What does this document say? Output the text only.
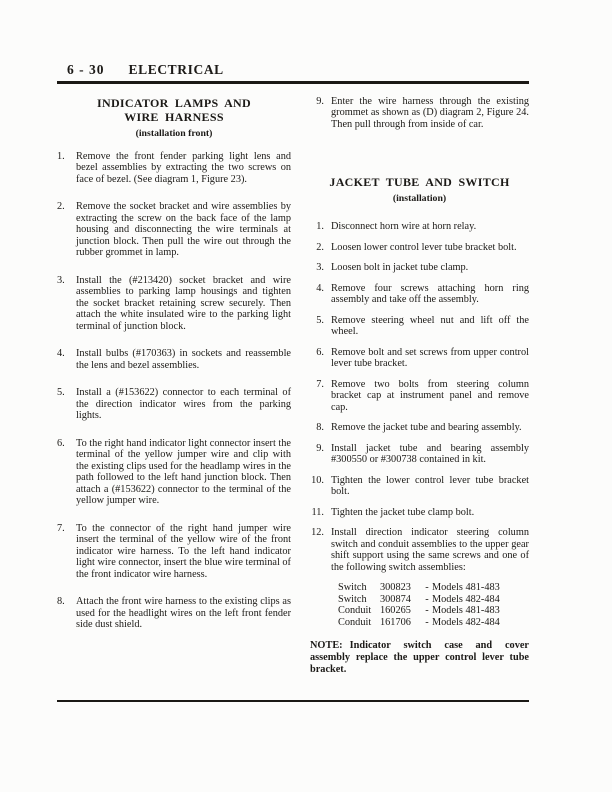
6 - 30 ELECTRICAL
INDICATOR LAMPS AND
WIRE HARNESS
(installation front)
1.	Remove the front fender parking light lens and bezel assemblies by extracting the two screws on face of bezel. (See diagram 1, Figure 23).

2.	Remove the socket bracket and wire assemblies by extracting the screw on the back face of the lamp housing and disconnecting the wire terminals at junction block. Then pull the wire out through the rubber grommet in lamp.

3.	Install the (#213420) socket bracket and wire assemblies to parking lamp housings and tighten the socket bracket retaining screw securely. Then attach the white insulated wire to the parking light terminal of junction block.

4.	Install bulbs (#170363) in sockets and reassemble the lens and bezel assemblies.

5.	Install a (#153622) connector to each terminal of the direction indicator wires from the parking lights.

6.	To the right hand indicator light connector insert the terminal of the yellow jumper wire and clip with the existing clips used for the headlamp wires in the path followed to the left hand junction block. Then attach a (#153622) connector to the terminal of the yellow jumper wire.

7.	To the connector of the right hand jumper wire insert the terminal of the yellow wire of the front indicator wire harness. To the left hand indicator light wire connector, insert the blue wire terminal of the front indicator wire harness.

8.	Attach the front wire harness to the existing clips as used for the headlight wires on the left front fender side dust shield.

9. Enter the wire harness through the existing grommet as shown as (D) diagram 2, Figure 24. Then pull through from inside of car.

JACKET TUBE AND SWITCH
(installation)
1. Disconnect horn wire at horn relay.

2. Loosen lower control lever tube bracket bolt.

3. Loosen bolt in jacket tube clamp.

4. Remove four screws attaching horn ring assembly and take off the assembly.

5. Remove steering wheel nut and lift off the wheel.

6. Remove bolt and set screws from upper control lever tube bracket.

7. Remove two bolts from steering column bracket cap at instrument panel and remove cap.

8. Remove the jacket tube and bearing assembly.

9. Install jacket tube and bearing assembly #300550 or #300738 contained in kit.

10. Tighten the lower control lever tube bracket bolt.

11. Tighten the jacket tube clamp bolt.

12. Install direction indicator steering column switch and conduit assemblies to the upper gear shift support using the same screws and one of the following switch assemblies:

Switch 300823 - Models 481-483
Switch 300874 - Models 482-484
Conduit 160265 - Models 481-483
Conduit 161706 - Models 482-484
NOTE: Indicator switch case and cover assembly replace the upper control lever tube bracket.
